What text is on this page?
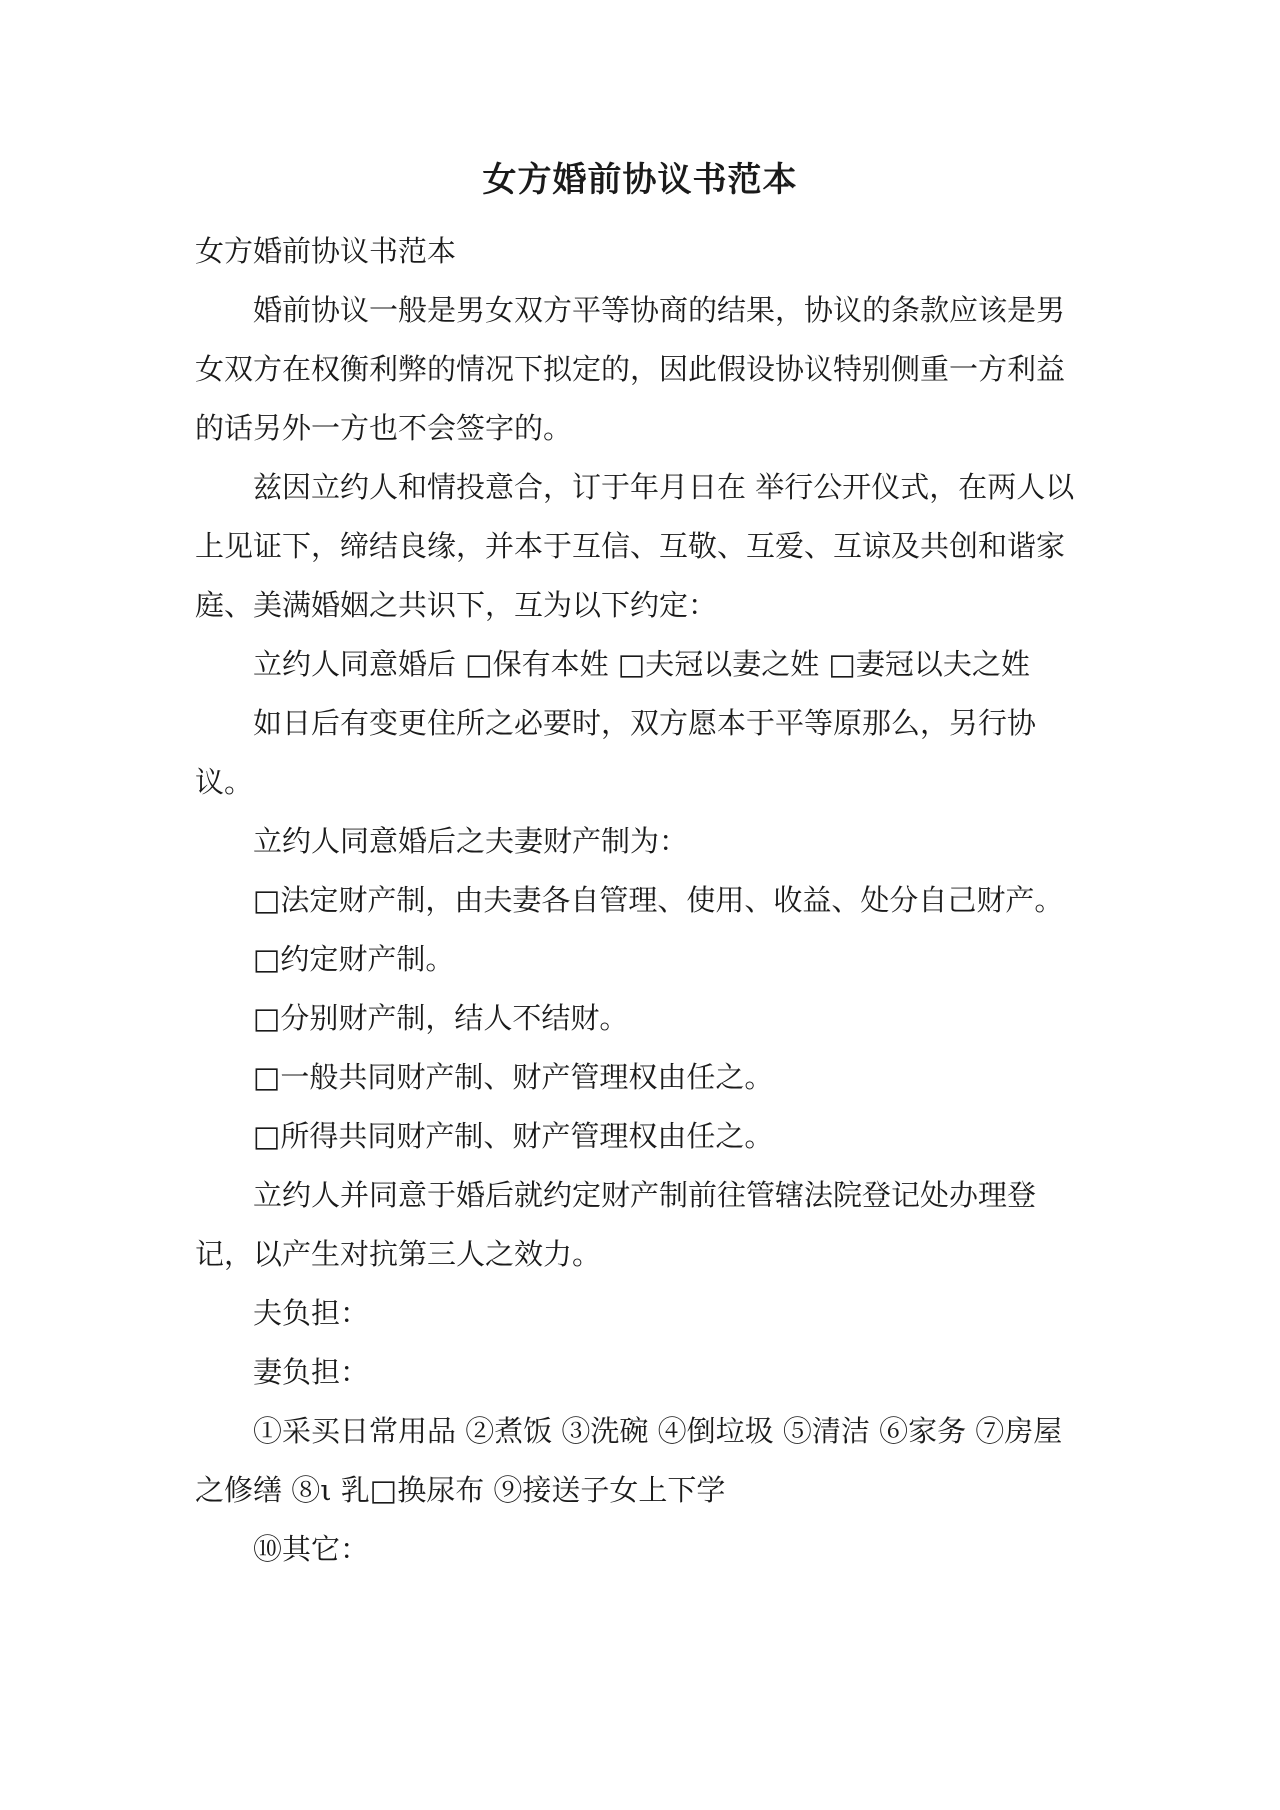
女方婚前协议书范本

女方婚前协议书范本

婚前协议一般是男女双方平等协商的结果，协议的条款应该是男女双方在权衡利弊的情况下拟定的，因此假设协议特别侧重一方利益的话另外一方也不会签字的。

兹因立约人和情投意合，订于年月日在 举行公开仪式，在两人以上见证下，缔结良缘，并本于互信、互敬、互爱、互谅及共创和谐家庭、美满婚姻之共识下，互为以下约定：

立约人同意婚后 □保有本姓 □夫冠以妻之姓 □妻冠以夫之姓

如日后有变更住所之必要时，双方愿本于平等原那么，另行协议。

立约人同意婚后之夫妻财产制为：

□法定财产制，由夫妻各自管理、使用、收益、处分自己财产。

□约定财产制。

□分别财产制，结人不结财。

□一般共同财产制、财产管理权由任之。

□所得共同财产制、财产管理权由任之。

立约人并同意于婚后就约定财产制前往管辖法院登记处办理登记，以产生对抗第三人之效力。

夫负担：

妻负担：

①采买日常用品 ②煮饭 ③洗碗 ④倒垃圾 ⑤清洁 ⑥家务 ⑦房屋之修缮 ⑧ι 乳□换尿布 ⑨接送子女上下学

⑩其它：
